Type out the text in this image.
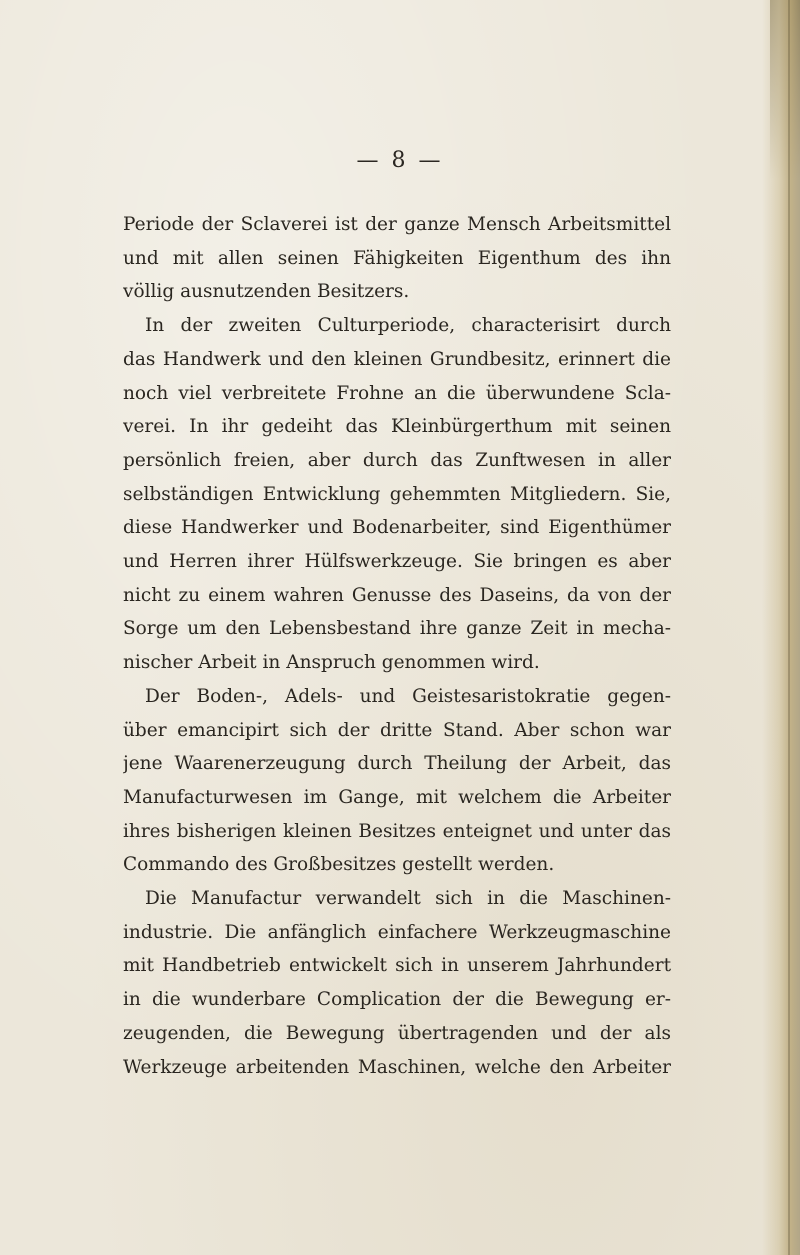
— 8 —
Periode der Sclaverei ist der ganze Mensch Arbeitsmittel
und mit allen seinen Fähigkeiten Eigenthum des ihn
völlig ausnutzenden Besitzers.
In der zweiten Culturperiode, characterisirt durch
das Handwerk und den kleinen Grundbesitz, erinnert die
noch viel verbreitete Frohne an die überwundene Scla-
verei. In ihr gedeiht das Kleinbürgerthum mit seinen
persönlich freien, aber durch das Zunftwesen in aller
selbständigen Entwicklung gehemmten Mitgliedern. Sie,
diese Handwerker und Bodenarbeiter, sind Eigenthümer
und Herren ihrer Hülfswerkzeuge. Sie bringen es aber
nicht zu einem wahren Genusse des Daseins, da von der
Sorge um den Lebensbestand ihre ganze Zeit in mecha-
nischer Arbeit in Anspruch genommen wird.
Der Boden-, Adels- und Geistesaristokratie gegen-
über emancipirt sich der dritte Stand. Aber schon war
jene Waarenerzeugung durch Theilung der Arbeit, das
Manufacturwesen im Gange, mit welchem die Arbeiter
ihres bisherigen kleinen Besitzes enteignet und unter das
Commando des Großbesitzes gestellt werden.
Die Manufactur verwandelt sich in die Maschinen-
industrie. Die anfänglich einfachere Werkzeugmaschine
mit Handbetrieb entwickelt sich in unserem Jahrhundert
in die wunderbare Complication der die Bewegung er-
zeugenden, die Bewegung übertragenden und der als
Werkzeuge arbeitenden Maschinen, welche den Arbeiter
